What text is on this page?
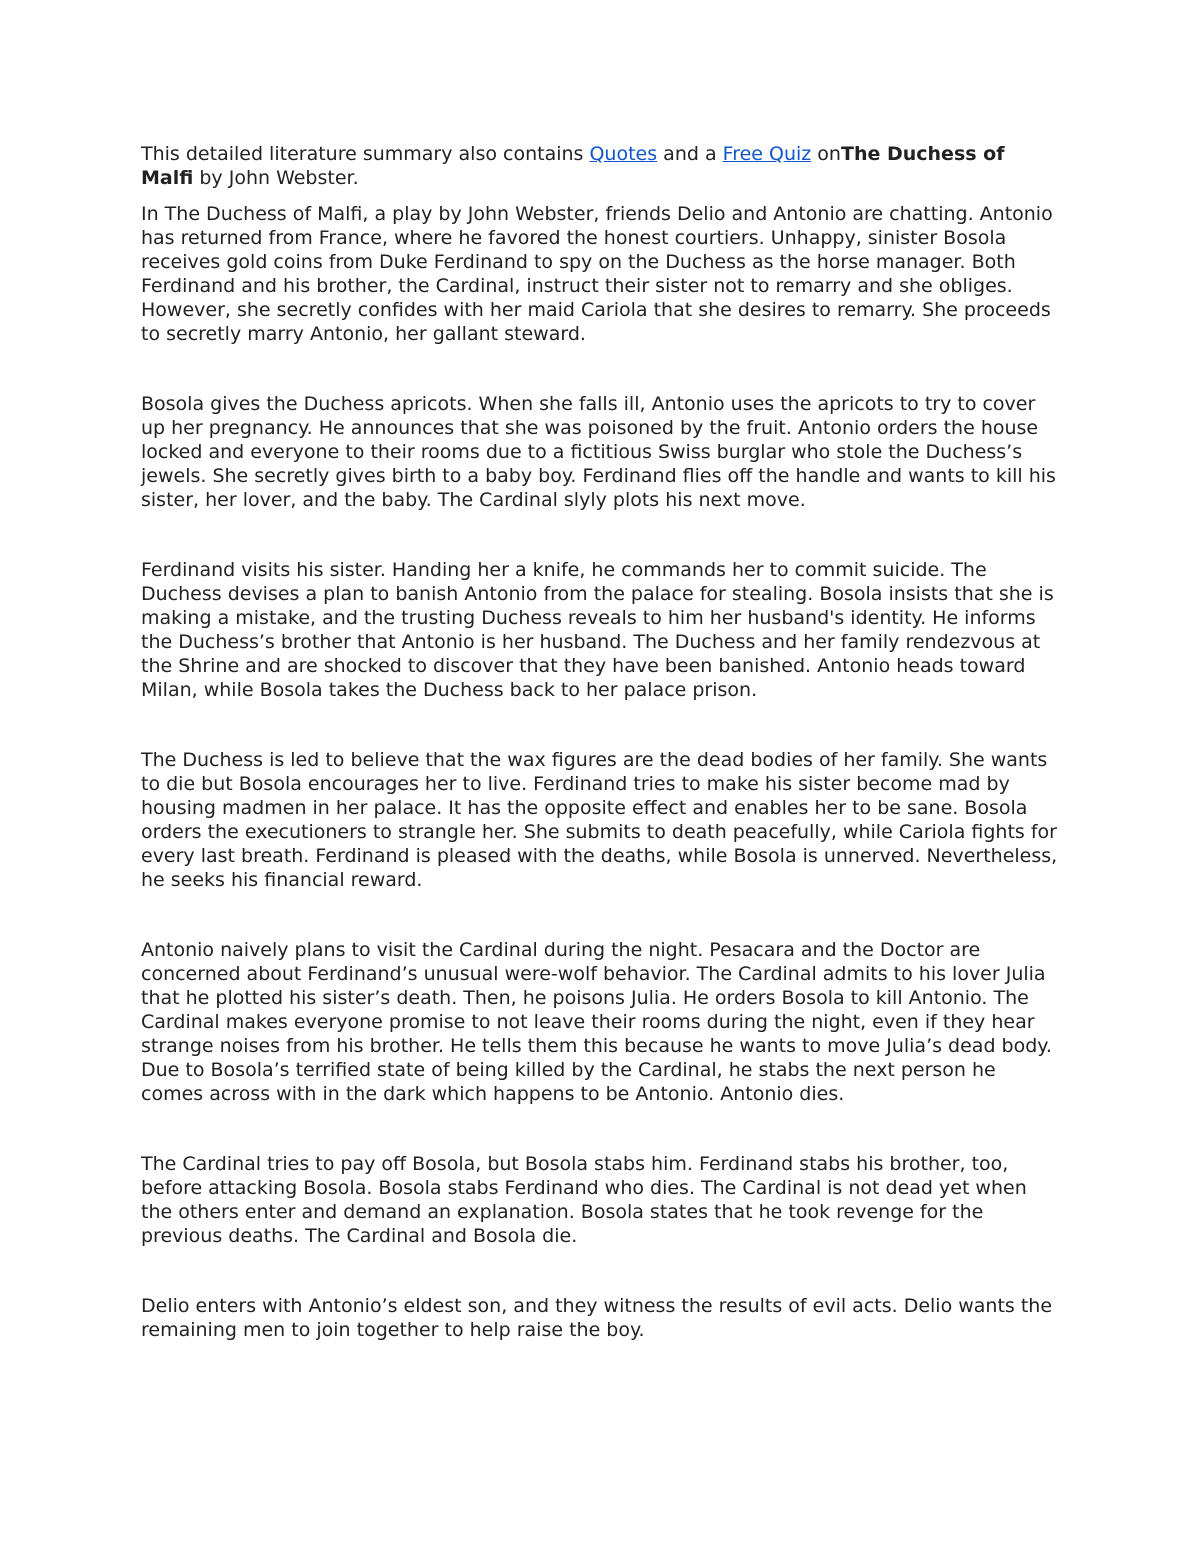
This detailed literature summary also contains Quotes and a Free Quiz onThe Duchess of Malfi by John Webster.

In The Duchess of Malfi, a play by John Webster, friends Delio and Antonio are chatting. Antonio has returned from France, where he favored the honest courtiers. Unhappy, sinister Bosola receives gold coins from Duke Ferdinand to spy on the Duchess as the horse manager. Both Ferdinand and his brother, the Cardinal, instruct their sister not to remarry and she obliges. However, she secretly confides with her maid Cariola that she desires to remarry. She proceeds to secretly marry Antonio, her gallant steward.

Bosola gives the Duchess apricots. When she falls ill, Antonio uses the apricots to try to cover up her pregnancy. He announces that she was poisoned by the fruit. Antonio orders the house locked and everyone to their rooms due to a fictitious Swiss burglar who stole the Duchess’s jewels. She secretly gives birth to a baby boy. Ferdinand flies off the handle and wants to kill his sister, her lover, and the baby. The Cardinal slyly plots his next move.

Ferdinand visits his sister. Handing her a knife, he commands her to commit suicide. The Duchess devises a plan to banish Antonio from the palace for stealing. Bosola insists that she is making a mistake, and the trusting Duchess reveals to him her husband's identity. He informs the Duchess’s brother that Antonio is her husband. The Duchess and her family rendezvous at the Shrine and are shocked to discover that they have been banished. Antonio heads toward Milan, while Bosola takes the Duchess back to her palace prison.

The Duchess is led to believe that the wax figures are the dead bodies of her family. She wants to die but Bosola encourages her to live. Ferdinand tries to make his sister become mad by housing madmen in her palace. It has the opposite effect and enables her to be sane. Bosola orders the executioners to strangle her. She submits to death peacefully, while Cariola fights for every last breath. Ferdinand is pleased with the deaths, while Bosola is unnerved. Nevertheless, he seeks his financial reward.

Antonio naively plans to visit the Cardinal during the night. Pesacara and the Doctor are concerned about Ferdinand’s unusual were-wolf behavior. The Cardinal admits to his lover Julia that he plotted his sister’s death. Then, he poisons Julia. He orders Bosola to kill Antonio. The Cardinal makes everyone promise to not leave their rooms during the night, even if they hear strange noises from his brother. He tells them this because he wants to move Julia’s dead body. Due to Bosola’s terrified state of being killed by the Cardinal, he stabs the next person he comes across with in the dark which happens to be Antonio. Antonio dies.

The Cardinal tries to pay off Bosola, but Bosola stabs him. Ferdinand stabs his brother, too, before attacking Bosola. Bosola stabs Ferdinand who dies. The Cardinal is not dead yet when the others enter and demand an explanation. Bosola states that he took revenge for the previous deaths. The Cardinal and Bosola die.

Delio enters with Antonio’s eldest son, and they witness the results of evil acts. Delio wants the remaining men to join together to help raise the boy.
